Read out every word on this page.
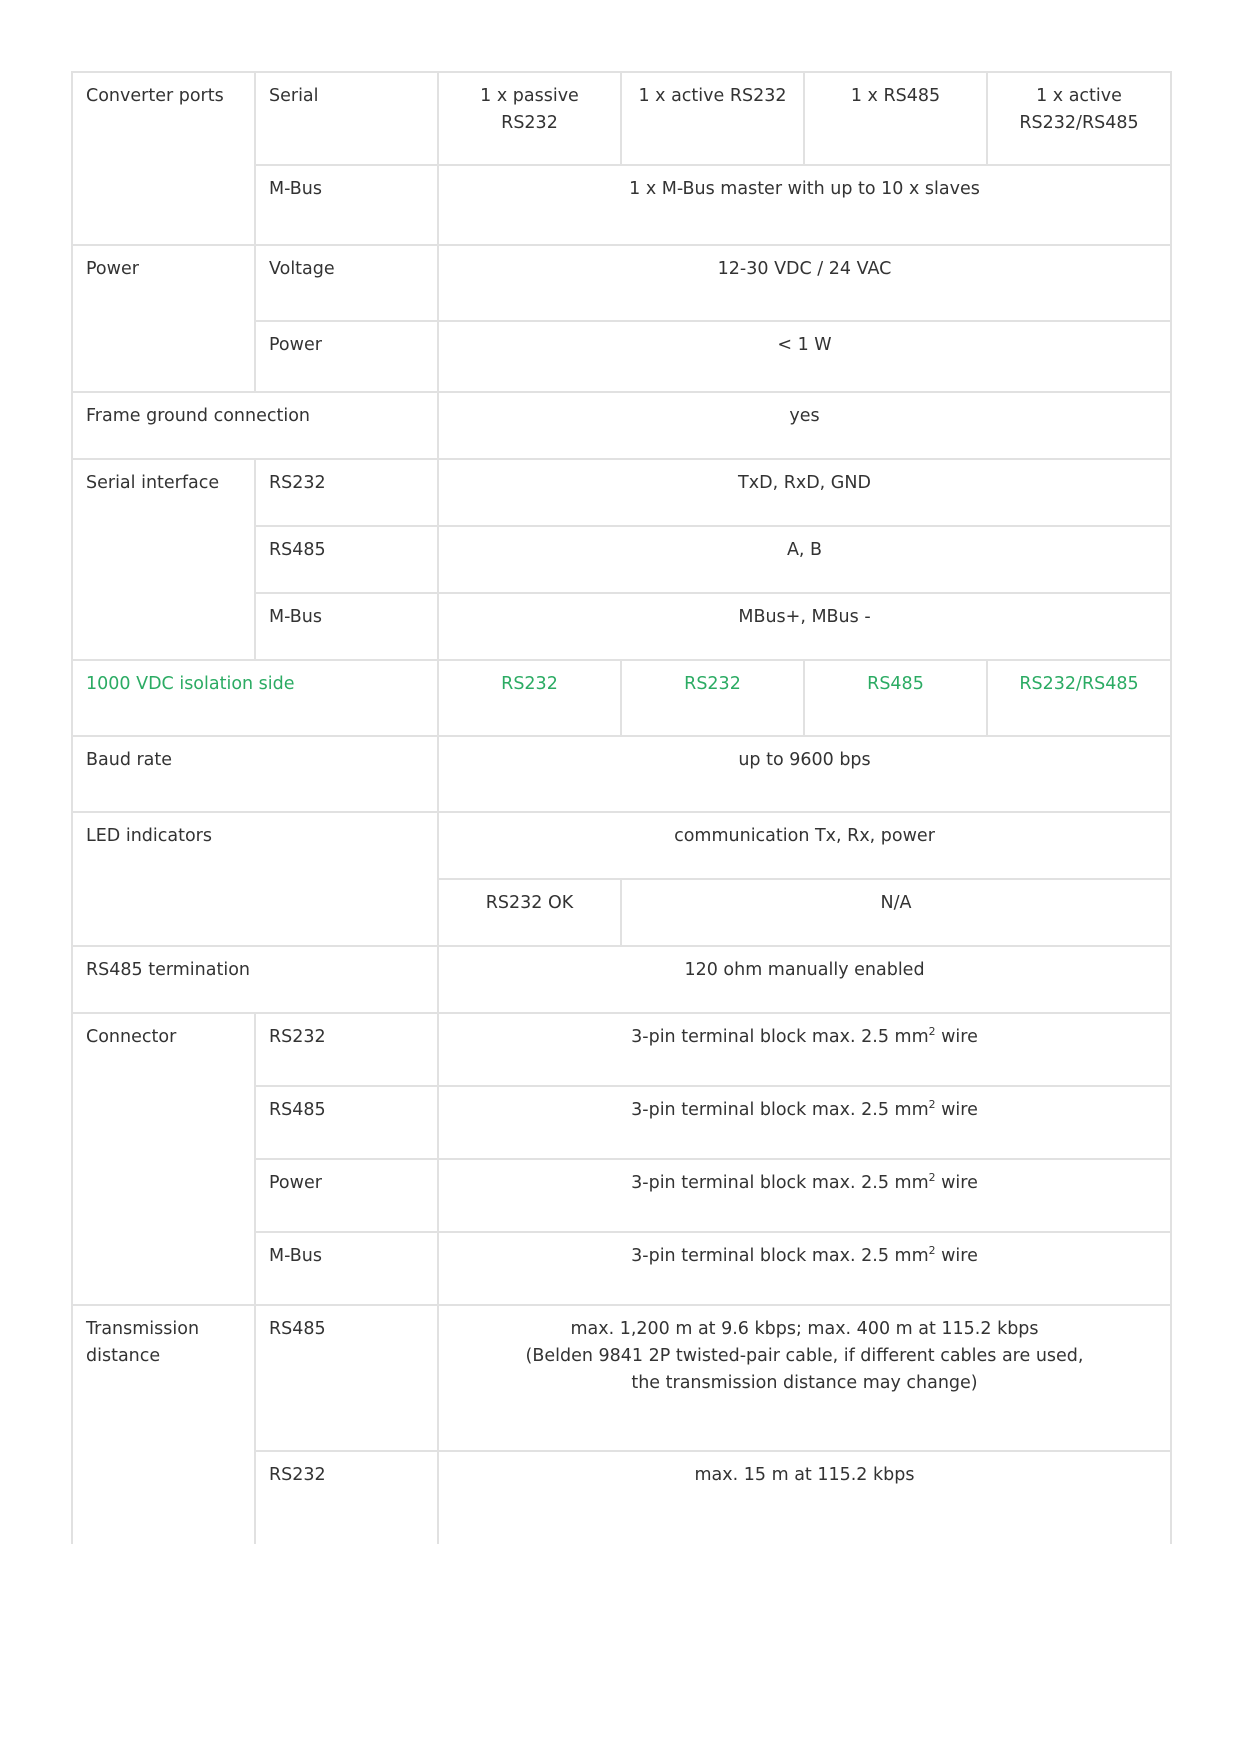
Converter ports	Serial	1 x passive RS232	1 x active RS232	1 x RS485	1 x active RS232/RS485
	M-Bus	1 x M-Bus master with up to 10 x slaves			
Power	Voltage	12-30 VDC / 24 VAC			
	Power	< 1 W			
Frame ground connection		yes			
Serial interface	RS232	TxD, RxD, GND			
	RS485	A, B			
	M-Bus	MBus+, MBus -			
1000 VDC isolation side		RS232	RS232	RS485	RS232/RS485
Baud rate		up to 9600 bps			
LED indicators		communication Tx, Rx, power			
		RS232 OK	N/A		
RS485 termination		120 ohm manually enabled			
Connector	RS232	3-pin terminal block max. 2.5 $mm^2$ wire			
	RS485	3-pin terminal block max. 2.5 $mm^2$ wire			
	Power	3-pin terminal block max. 2.5 $mm^2$ wire			
	M-Bus	3-pin terminal block max. 2.5 $mm^2$ wire			
Transmission distance	RS485	max. 1,200 m at 9.6 kbps; max. 400 m at 115.2 kbps
(Belden 9841 2P twisted-pair cable, if different cables are used,
the transmission distance may change)			

	RS232	max. 15 m at 115.2 kbps			
